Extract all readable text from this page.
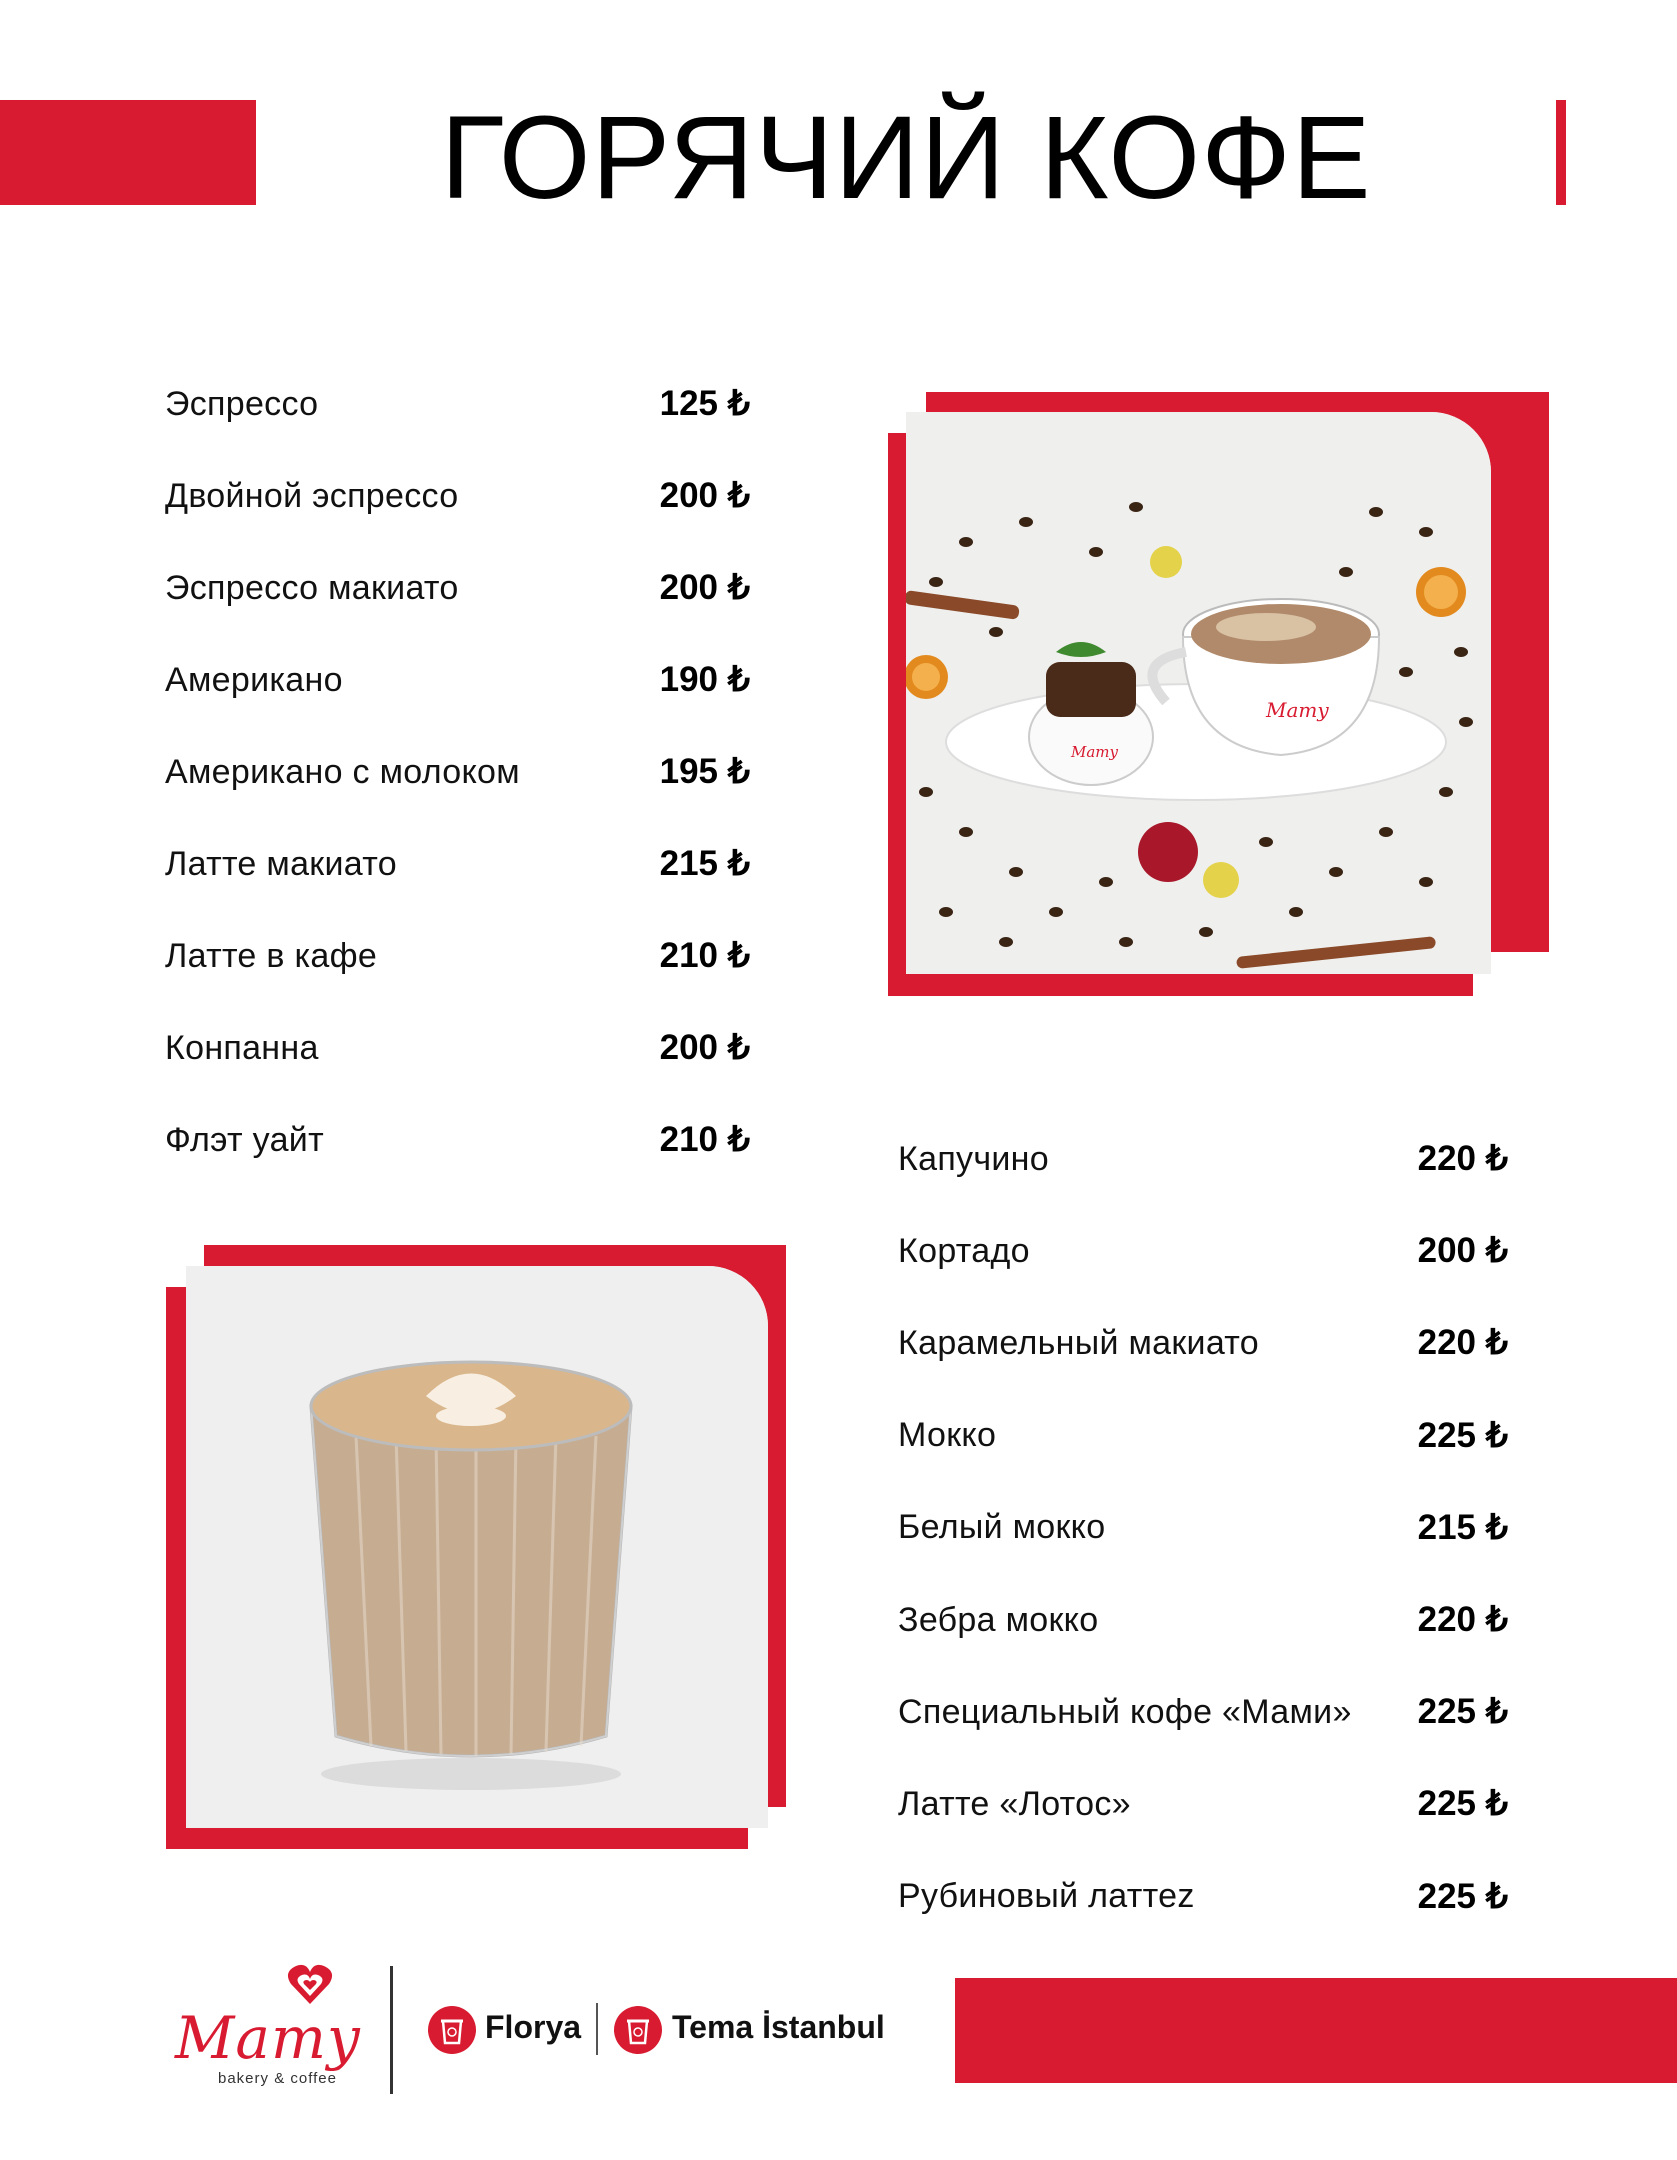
ГОРЯЧИЙ КОФЕ
Эспрессо	125 ₺
Двойной эспрессо	200 ₺
Эспрессо макиато	200 ₺
Американо	190 ₺
Американо с молоком	195 ₺
Латте макиато	215 ₺
Латте в кафе	210 ₺
Конпанна	200 ₺
Флэт уайт	210 ₺
Mamy
Mamy
Капучино	220 ₺
Кортадо	200 ₺
Карамельный макиато	220 ₺
Мокко	225 ₺
Белый мокко	215 ₺
Зебра мокко	220 ₺
Специальный кофе «Мами» 225 ₺
Латте «Лотос»	225 ₺
Рубиновый латтеz	225 ₺
Mamy
bakery & coffee
Florya	Tema İstanbul
